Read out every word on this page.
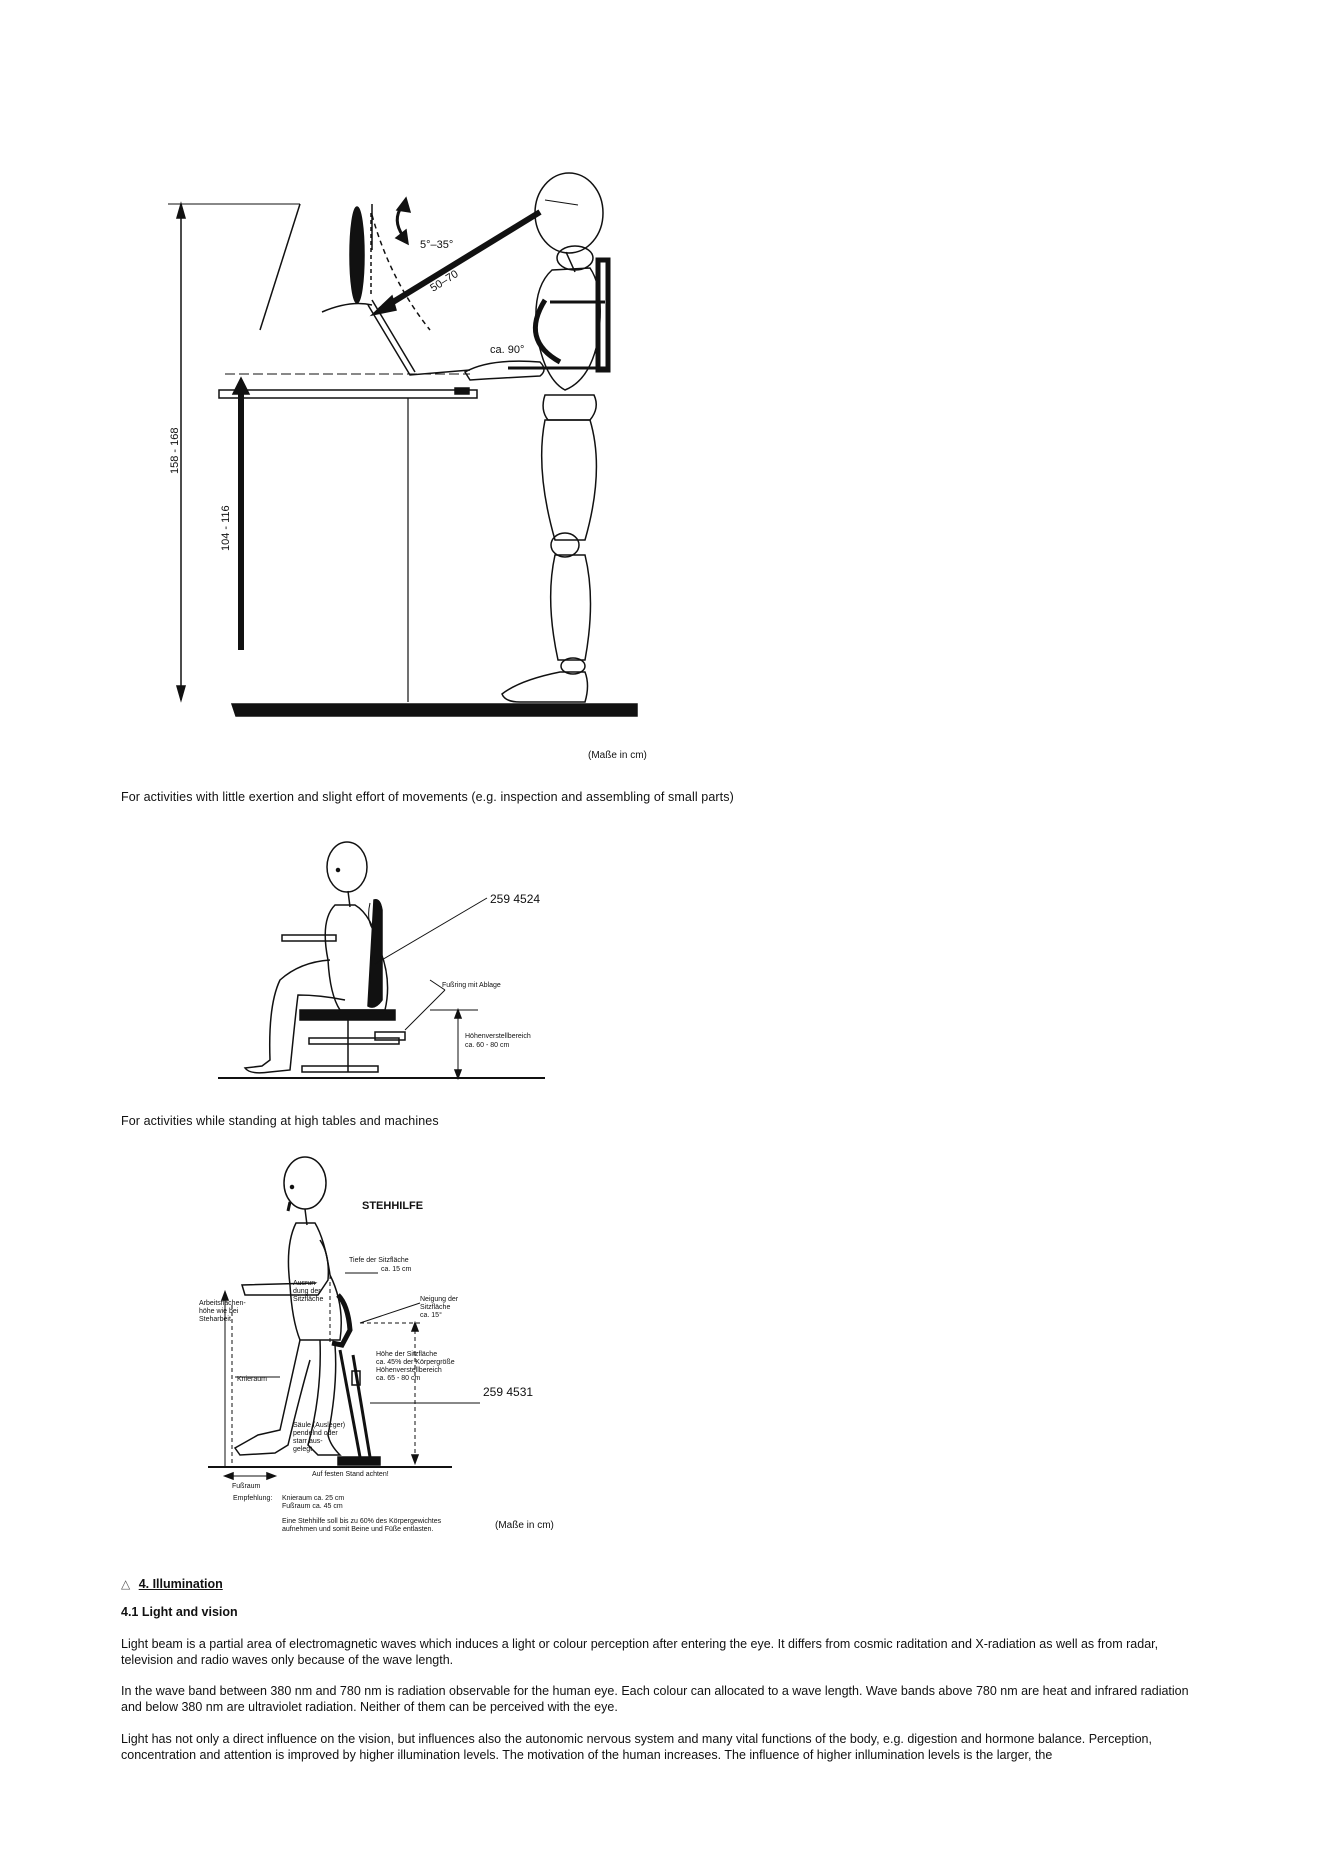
5°–35°
50–70
ca. 90°
158 - 168
104 - 116
(Maße in cm)
For activities with little exertion and slight effort of movements (e.g. inspection and assembling of small parts)
259 4524
Fußring mit Ablage
Höhenverstellbereich
ca. 60 - 80 cm
For activities while standing at high tables and machines
STEHHILFE
Tiefe der Sitzfläche
ca. 15 cm
Ausrun-
dung der
Sitzfläche	Neigung der
Sitzfläche
ca. 15°
Arbeitsflächen-
höhe wie bei
Steharbeit
Höhe der Sitzfläche
ca. 45% der Körpergröße
Höhenverstellbereich
ca. 65 - 80 cm
Knieraum
259 4531
Säule (Ausleger)
pendelnd oder
starr aus-
gelegt
Auf festen Stand achten!
Fußraum
Empfehlung: Knieraum ca. 25 cm
Fußraum ca. 45 cm
Eine Stehhilfe soll bis zu 60% des Körpergewichtes
aufnehmen und somit Beine und Füße entlasten.	(Maße in cm)
△ 4. Illumination
4.1 Light and vision
Light beam is a partial area of electromagnetic waves which induces a light or colour perception after entering the eye. It differs from cosmic raditation and X-radiation as well as from radar, television and radio waves only because of the wave length.
In the wave band between 380 nm and 780 nm is radiation observable for the human eye. Each colour can allocated to a wave length. Wave bands above 780 nm are heat and infrared radiation and below 380 nm are ultraviolet radiation. Neither of them can be perceived with the eye.
Light has not only a direct influence on the vision, but influences also the autonomic nervous system and many vital functions of the body, e.g. digestion and hormone balance. Perception, concentration and attention is improved by higher illumination levels. The motivation of the human increases. The influence of higher inllumination levels is the larger, the
